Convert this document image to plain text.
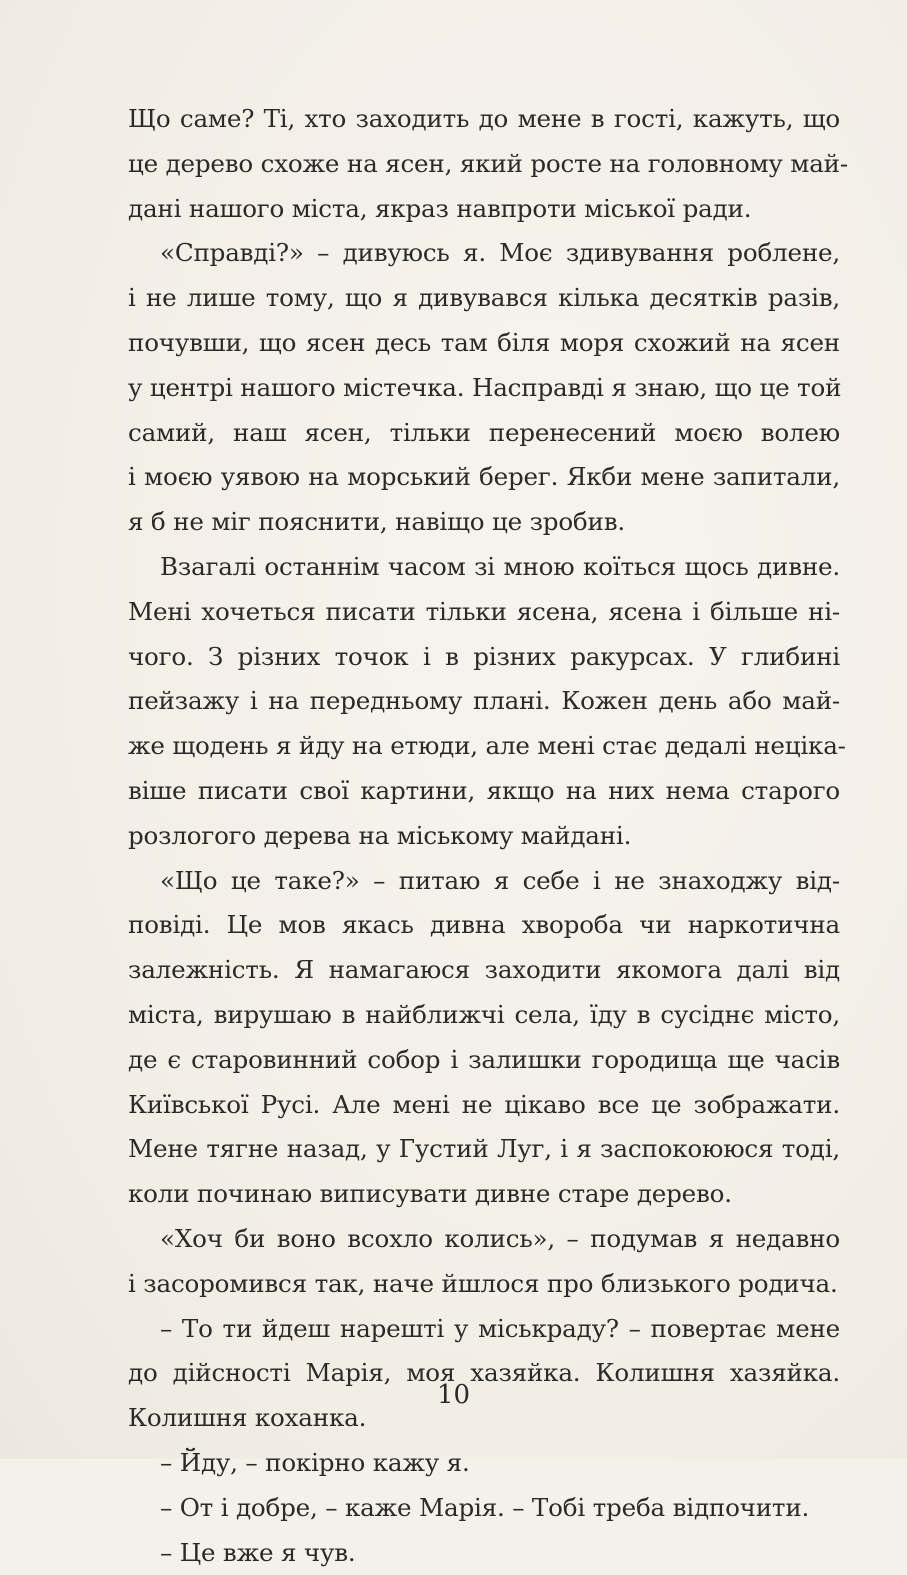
Що саме? Ті, хто заходить до мене в гості, кажуть, що
це дерево схоже на ясен, який росте на головному май-
дані нашого міста, якраз навпроти міської ради.
«Справді?» – дивуюсь я. Моє здивування роблене,
і не лише тому, що я дивувався кілька десятків разів,
почувши, що ясен десь там біля моря схожий на ясен
у центрі нашого містечка. Насправді я знаю, що це той
самий, наш ясен, тільки перенесений моєю волею
і моєю уявою на морський берег. Якби мене запитали,
я б не міг пояснити, навіщо це зробив.
Взагалі останнім часом зі мною коїться щось дивне.
Мені хочеться писати тільки ясена, ясена і більше ні-
чого. З різних точок і в різних ракурсах. У глибині
пейзажу і на передньому плані. Кожен день або май-
же щодень я йду на етюди, але мені стає дедалі неціка-
віше писати свої картини, якщо на них нема старого
розлогого дерева на міському майдані.
«Що це таке?» – питаю я себе і не знаходжу від-
повіді. Це мов якась дивна хвороба чи наркотична
залежність. Я намагаюся заходити якомога далі від
міста, вирушаю в найближчі села, їду в сусіднє місто,
де є старовинний собор і залишки городища ще часів
Київської Русі. Але мені не цікаво все це зображати.
Мене тягне назад, у Густий Луг, і я заспокоююся тоді,
коли починаю виписувати дивне старе дерево.
«Хоч би воно всохло колись», – подумав я недавно
і засоромився так, наче йшлося про близького родича.
– То ти йдеш нарешті у міськраду? – повертає мене
до дійсності Марія, моя хазяйка. Колишня хазяйка.
Колишня коханка.
– Йду, – покірно кажу я.
– От і добре, – каже Марія. – Тобі треба відпочити.
– Це вже я чув.
10
